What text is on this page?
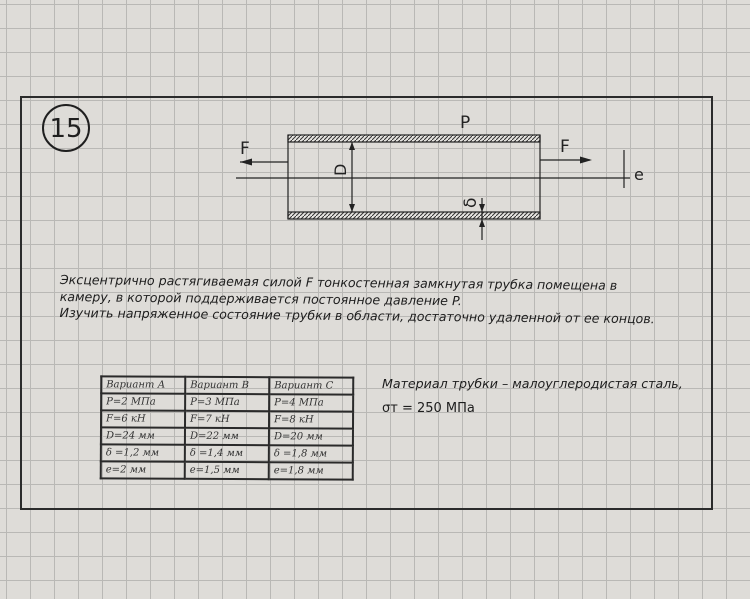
15
F	F
P
D
δ
e
Эксцентрично растягиваемая силой F тонкостенная замкнутая трубка помещена в
камеру, в которой поддерживается постоянное давление P.
Изучить напряженное состояние трубки в области, достаточно удаленной от ее концов.
Вариант А	Вариант В	Вариант С
P=2 МПа	P=3 МПа	P=4 МПа
F=6 кН	F=7 кН	F=8 кН
D=24 мм	D=22 мм	D=20 мм
δ =1,2 мм	δ =1,4 мм	δ =1,8 мм
e=2 мм	e=1,5 мм	e=1,8 мм
Материал трубки – малоуглеродистая сталь,
σт = 250 МПа
